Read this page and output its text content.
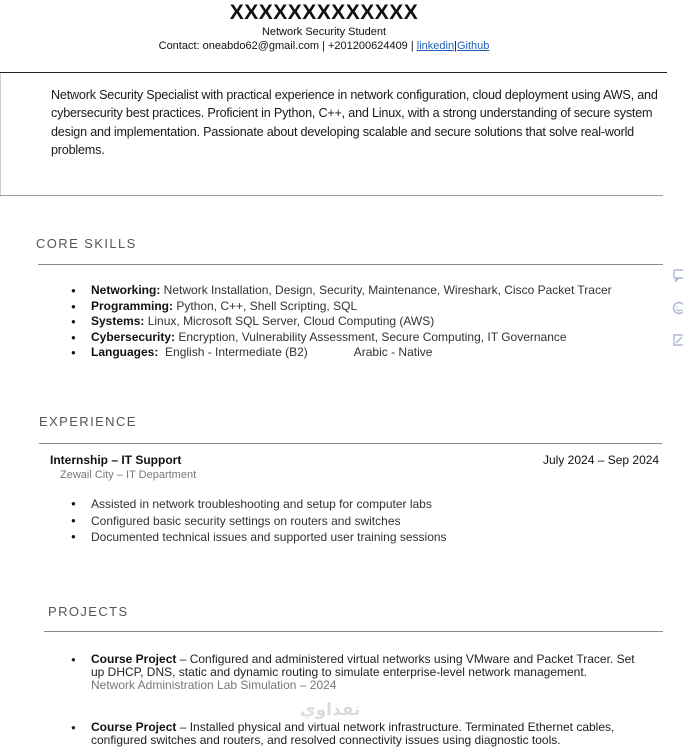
XXXXXXXXXXXXX
Network Security Student
Contact: oneabdo62@gmail.com | +201200624409 | linkedin|Github
Network Security Specialist with practical experience in network configuration, cloud deployment using AWS, and cybersecurity best practices. Proficient in Python, C++, and Linux, with a strong understanding of secure system design and implementation. Passionate about developing scalable and secure solutions that solve real-world problems.
CORE SKILLS
● Networking: Network Installation, Design, Security, Maintenance, Wireshark, Cisco Packet Tracer
● Programming: Python, C++, Shell Scripting, SQL
● Systems: Linux, Microsoft SQL Server, Cloud Computing (AWS)
● Cybersecurity: Encryption, Vulnerability Assessment, Secure Computing, IT Governance
● Languages:  English - Intermediate (B2)              Arabic - Native
EXPERIENCE
Internship – IT Support	July 2024 – Sep 2024
Zewail City – IT Department
● Assisted in network troubleshooting and setup for computer labs
● Configured basic security settings on routers and switches
● Documented technical issues and supported user training sessions
PROJECTS
● Course Project – Configured and administered virtual networks using VMware and Packet Tracer. Set up DHCP, DNS, static and dynamic routing to simulate enterprise-level network management.
Network Administration Lab Simulation – 2024
● Course Project – Installed physical and virtual network infrastructure. Terminated Ethernet cables, configured switches and routers, and resolved connectivity issues using diagnostic tools.
نفذاوي
